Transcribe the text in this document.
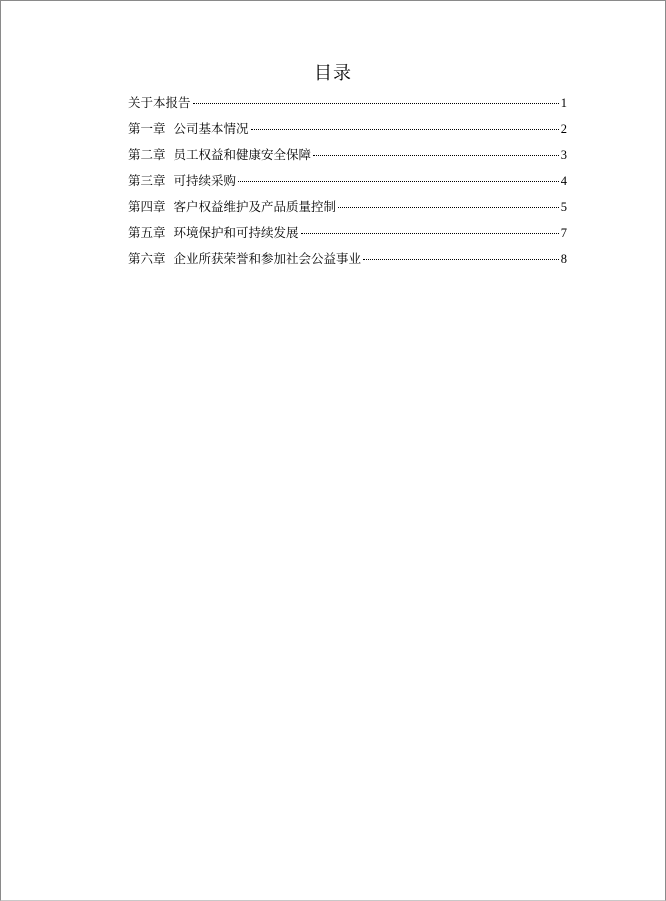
目录
关于本报告	1
第一章 公司基本情况	2
第二章 员工权益和健康安全保障	3
第三章 可持续采购	4
第四章 客户权益维护及产品质量控制	5
第五章 环境保护和可持续发展	7
第六章 企业所获荣誉和参加社会公益事业	8
